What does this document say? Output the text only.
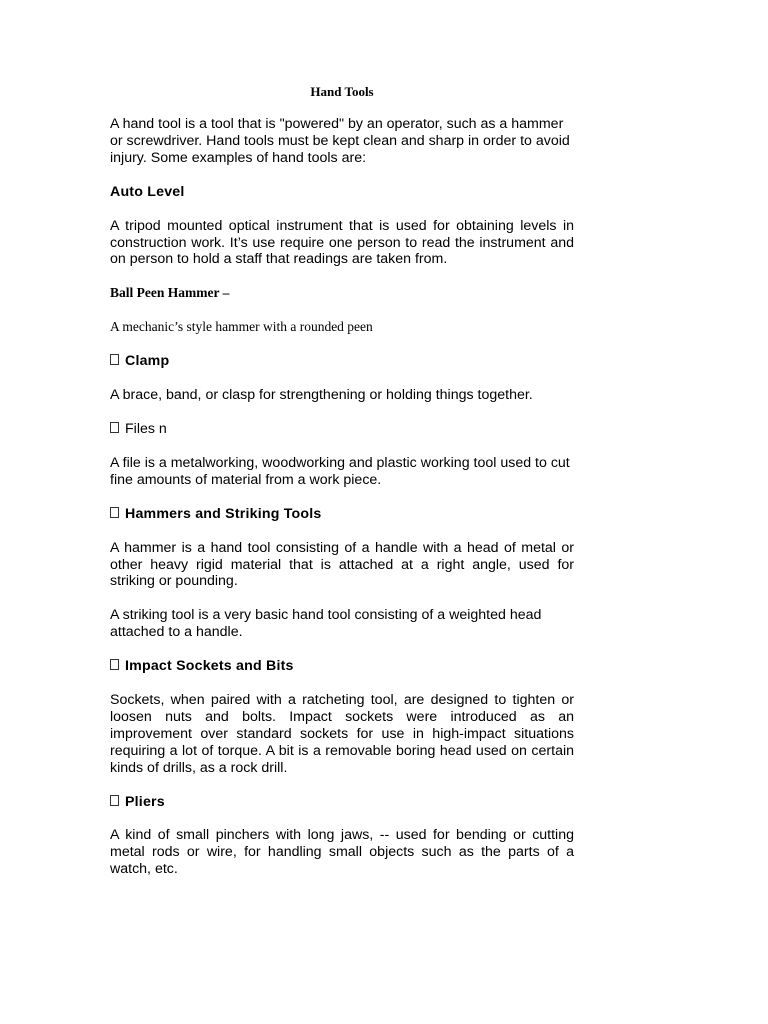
Hand Tools

A hand tool is a tool that is "powered" by an operator, such as a hammer or screwdriver. Hand tools must be kept clean and sharp in order to avoid injury. Some examples of hand tools are:

Auto Level

A tripod mounted optical instrument that is used for obtaining levels in construction work. It’s use require one person to read the instrument and on person to hold a staff that readings are taken from.

Ball Peen Hammer –

A mechanic’s style hammer with a rounded peen

Clamp

A brace, band, or clasp for strengthening or holding things together.

Files n

A file is a metalworking, woodworking and plastic working tool used to cut fine amounts of material from a work piece.

Hammers and Striking Tools

A hammer is a hand tool consisting of a handle with a head of metal or other heavy rigid material that is attached at a right angle, used for striking or pounding.

A striking tool is a very basic hand tool consisting of a weighted head attached to a handle.

Impact Sockets and Bits

Sockets, when paired with a ratcheting tool, are designed to tighten or loosen nuts and bolts. Impact sockets were introduced as an improvement over standard sockets for use in high-impact situations requiring a lot of torque. A bit is a removable boring head used on certain kinds of drills, as a rock drill.

Pliers

A kind of small pinchers with long jaws, -- used for bending or cutting metal rods or wire, for handling small objects such as the parts of a watch, etc.
